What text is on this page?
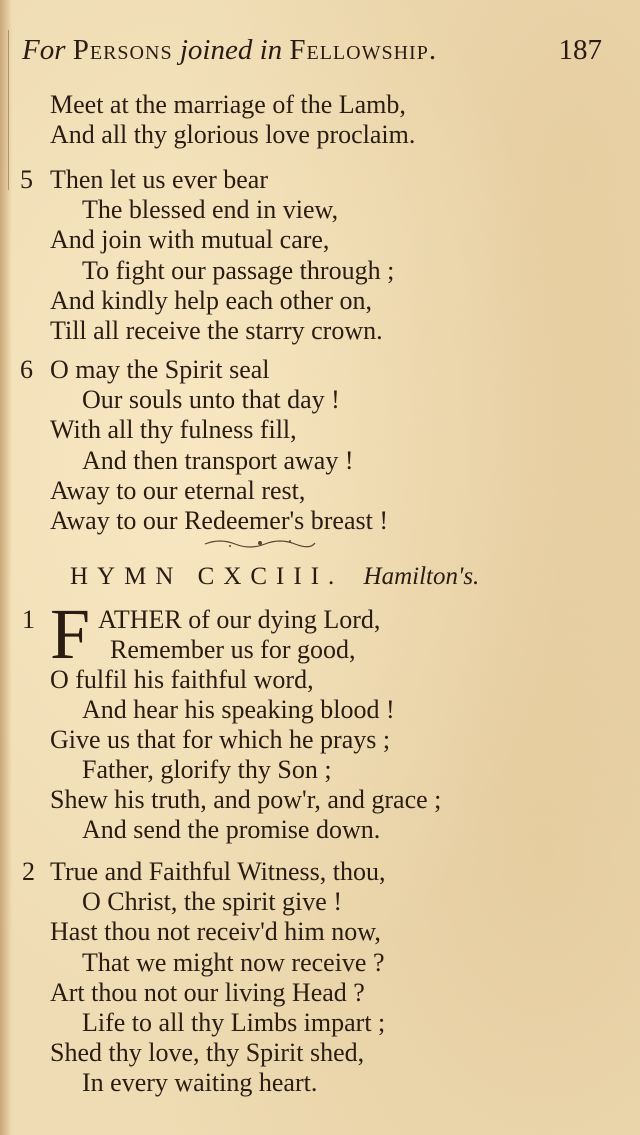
For Persons joined in Fellowship.	187
Meet at the marriage of the Lamb,
And all thy glorious love proclaim.
5 Then let us ever bear
The blessed end in view,
And join with mutual care,
To fight our passage through ;
And kindly help each other on,
Till all receive the starry crown.
6 O may the Spirit seal
Our souls unto that day !
With all thy fulness fill,
And then transport away !
Away to our eternal rest,
Away to our Redeemer's breast !
HYMN CXCIII. Hamilton's.
1 F ATHER of our dying Lord,
Remember us for good,
O fulfil his faithful word,
And hear his speaking blood !
Give us that for which he prays ;
Father, glorify thy Son ;
Shew his truth, and pow'r, and grace ;
And send the promise down.
2 True and Faithful Witness, thou,
O Christ, the spirit give !
Hast thou not receiv'd him now,
That we might now receive ?
Art thou not our living Head ?
Life to all thy Limbs impart ;
Shed thy love, thy Spirit shed,
In every waiting heart.
